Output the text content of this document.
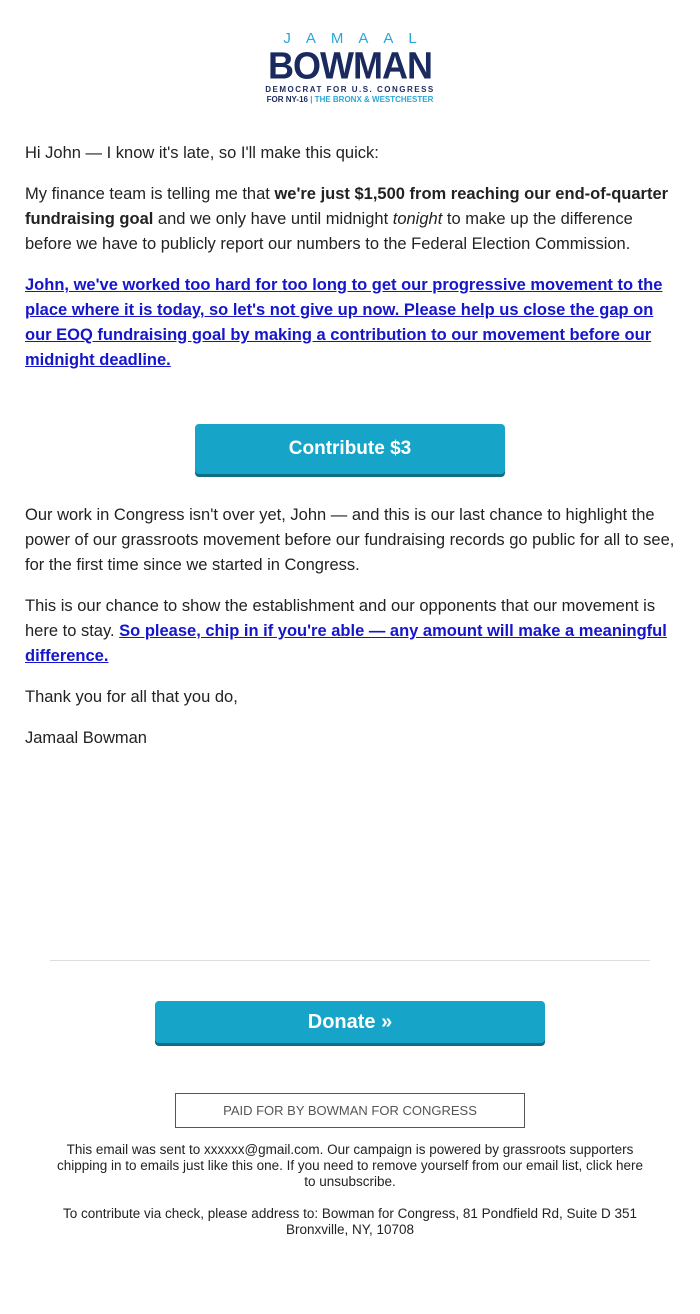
JAMAAL
BOWMAN
DEMOCRAT FOR U.S. CONGRESS
FOR NY-16 | THE BRONX & WESTCHESTER

Hi John — I know it's late, so I'll make this quick:

My finance team is telling me that we're just $1,500 from reaching our end-of-quarter fundraising goal and we only have until midnight tonight to make up the difference before we have to publicly report our numbers to the Federal Election Commission.

John, we've worked too hard for too long to get our progressive movement to the place where it is today, so let's not give up now. Please help us close the gap on our EOQ fundraising goal by making a contribution to our movement before our midnight deadline.

Contribute $3

Our work in Congress isn't over yet, John — and this is our last chance to highlight the power of our grassroots movement before our fundraising records go public for all to see, for the first time since we started in Congress.

This is our chance to show the establishment and our opponents that our movement is here to stay. So please, chip in if you're able — any amount will make a meaningful difference.

Thank you for all that you do,

Jamaal Bowman

Donate »
PAID FOR BY BOWMAN FOR CONGRESS
This email was sent to xxxxxx@gmail.com. Our campaign is powered by grassroots supporters chipping in to emails just like this one. If you need to remove yourself from our email list, click here to unsubscribe.
To contribute via check, please address to: Bowman for Congress, 81 Pondfield Rd, Suite D 351 Bronxville, NY, 10708
